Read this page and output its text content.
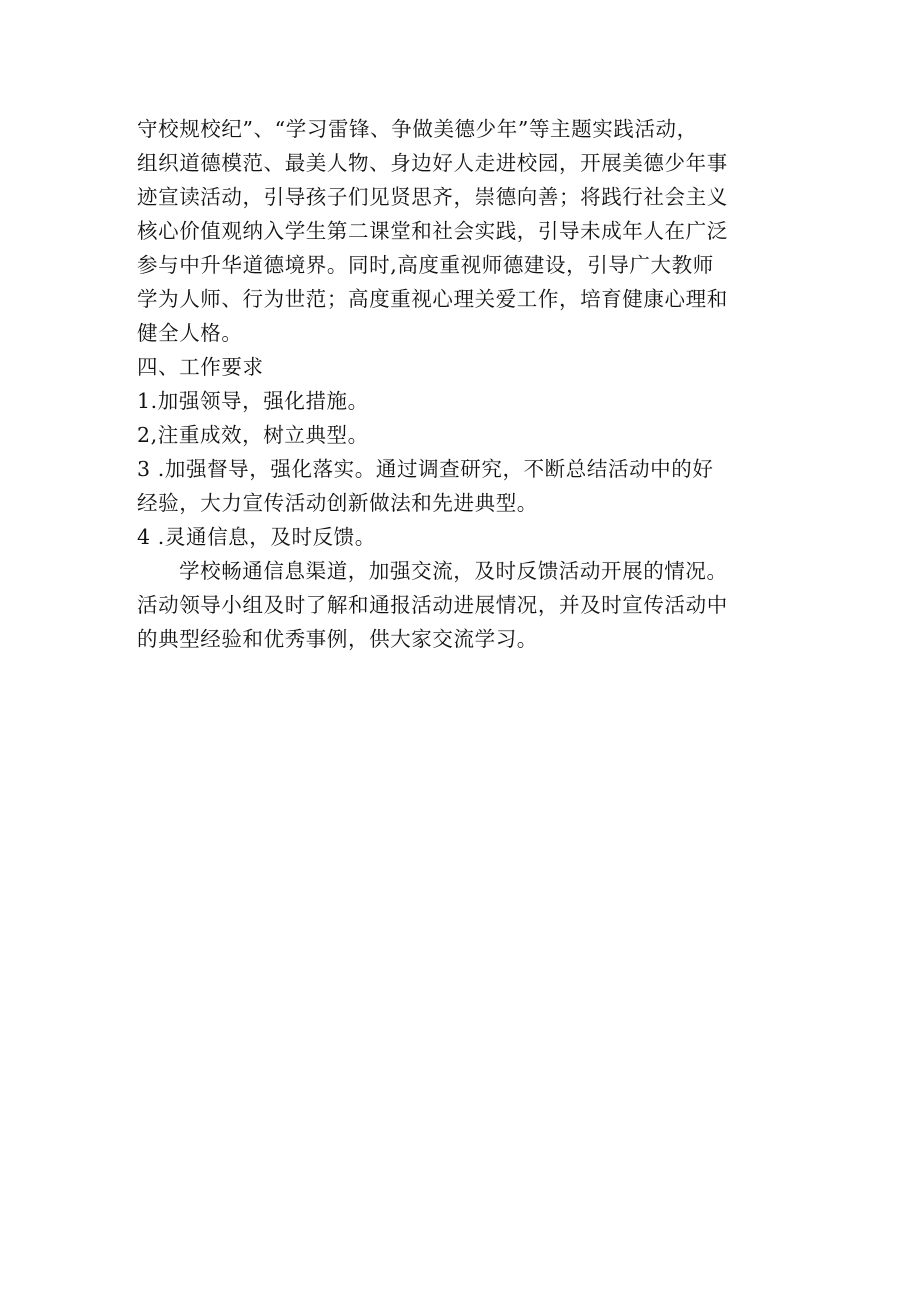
守校规校纪”、“学习雷锋、争做美德少年”等主题实践活动，
组织道德模范、最美人物、身边好人走进校园，开展美德少年事
迹宣读活动，引导孩子们见贤思齐，崇德向善；将践行社会主义
核心价值观纳入学生第二课堂和社会实践，引导未成年人在广泛
参与中升华道德境界。同时,高度重视师德建设，引导广大教师
学为人师、行为世范；高度重视心理关爱工作，培育健康心理和
健全人格。
四、工作要求
1.加强领导，强化措施。
2,注重成效，树立典型。
3 .加强督导，强化落实。通过调查研究，不断总结活动中的好
经验，大力宣传活动创新做法和先进典型。
4 .灵通信息，及时反馈。
学校畅通信息渠道，加强交流，及时反馈活动开展的情况。
活动领导小组及时了解和通报活动进展情况，并及时宣传活动中
的典型经验和优秀事例，供大家交流学习。
